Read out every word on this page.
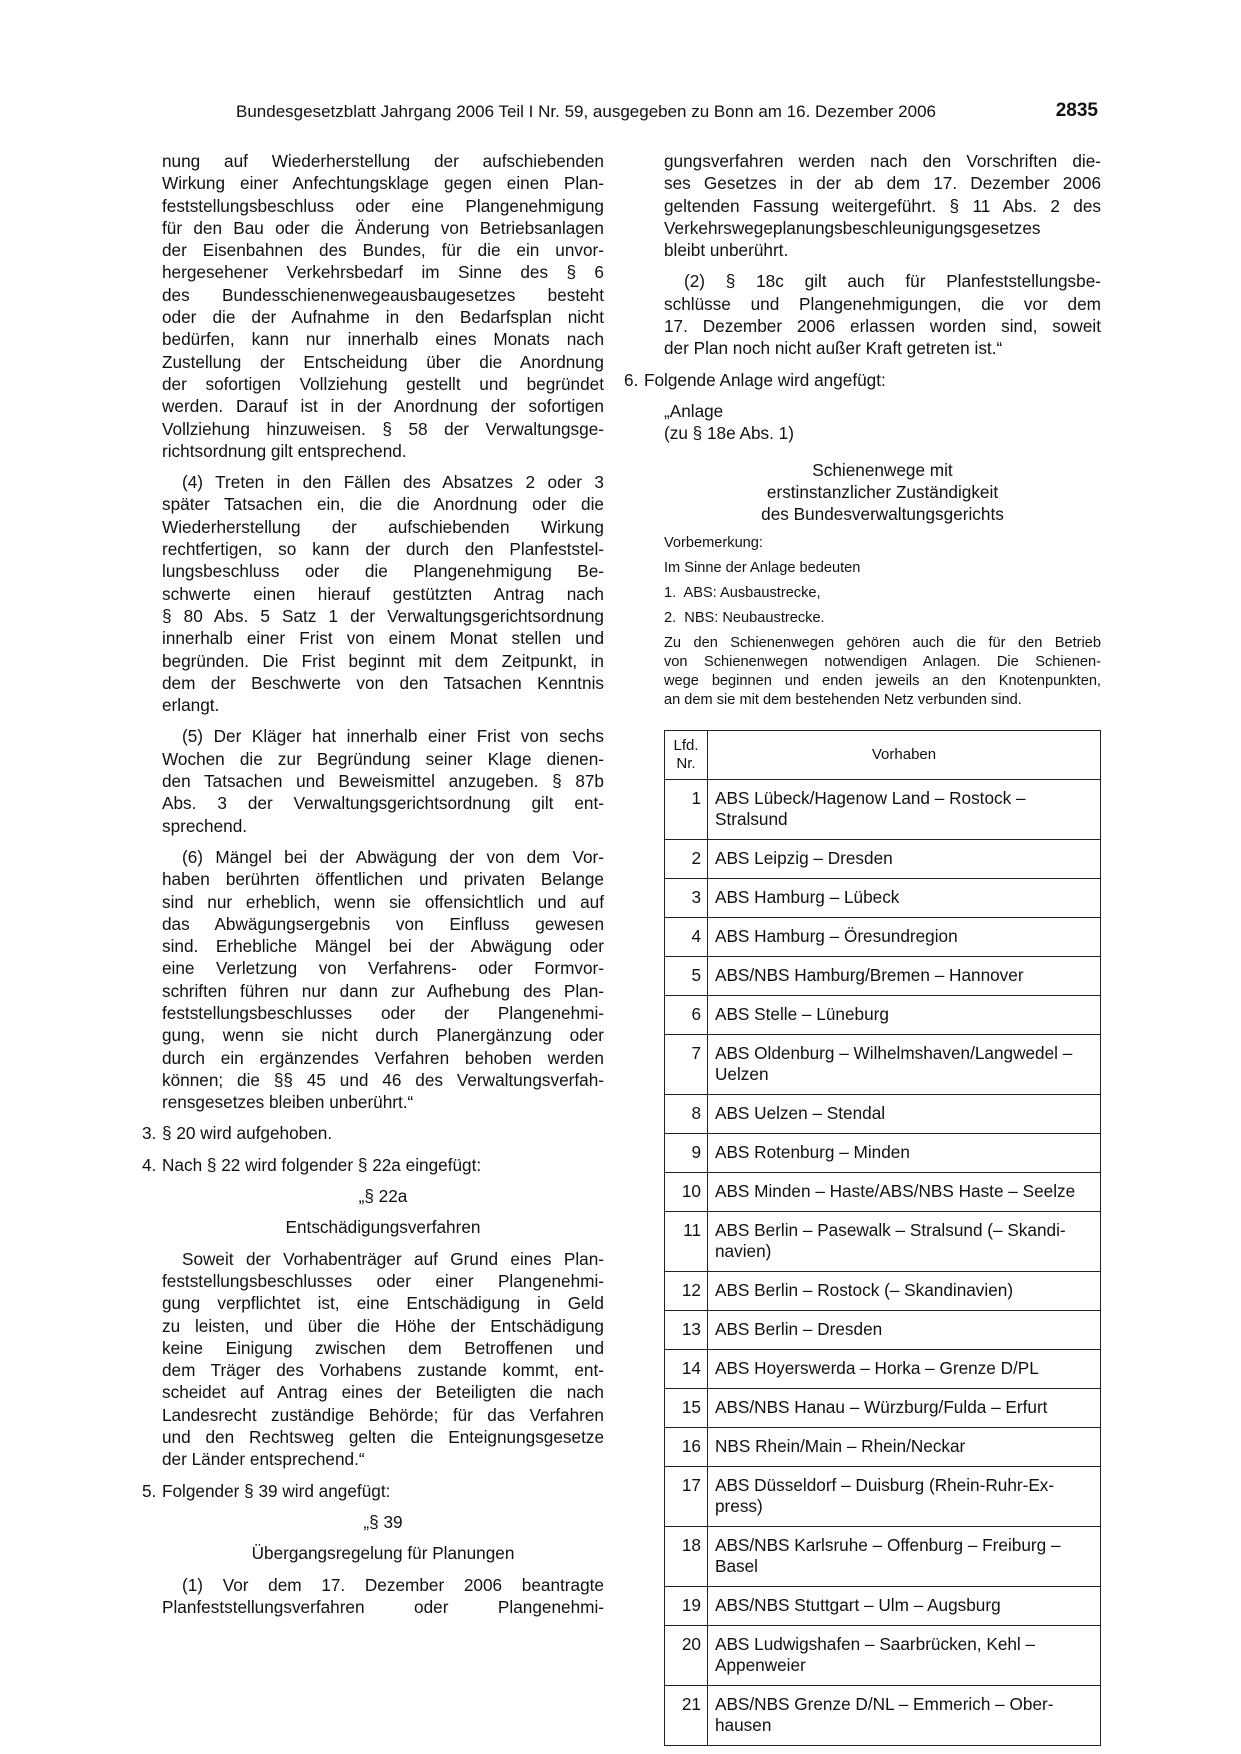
Bundesgesetzblatt Jahrgang 2006 Teil I Nr. 59, ausgegeben zu Bonn am 16. Dezember 2006	2835

nung auf Wiederherstellung der aufschiebenden
Wirkung einer Anfechtungsklage gegen einen Plan-
feststellungsbeschluss oder eine Plangenehmigung
für den Bau oder die Änderung von Betriebsanlagen
der Eisenbahnen des Bundes, für die ein unvor-
hergesehener Verkehrsbedarf im Sinne des § 6
des Bundesschienenwegeausbaugesetzes besteht
oder die der Aufnahme in den Bedarfsplan nicht
bedürfen, kann nur innerhalb eines Monats nach
Zustellung der Entscheidung über die Anordnung
der sofortigen Vollziehung gestellt und begründet
werden. Darauf ist in der Anordnung der sofortigen
Vollziehung hinzuweisen. § 58 der Verwaltungsge-
richtsordnung gilt entsprechend.

(4) Treten in den Fällen des Absatzes 2 oder 3
später Tatsachen ein, die die Anordnung oder die
Wiederherstellung der aufschiebenden Wirkung
rechtfertigen, so kann der durch den Planfeststel-
lungsbeschluss oder die Plangenehmigung Be-
schwerte einen hierauf gestützten Antrag nach
§ 80 Abs. 5 Satz 1 der Verwaltungsgerichtsordnung
innerhalb einer Frist von einem Monat stellen und
begründen. Die Frist beginnt mit dem Zeitpunkt, in
dem der Beschwerte von den Tatsachen Kenntnis
erlangt.

(5) Der Kläger hat innerhalb einer Frist von sechs
Wochen die zur Begründung seiner Klage dienen-
den Tatsachen und Beweismittel anzugeben. § 87b
Abs. 3 der Verwaltungsgerichtsordnung gilt ent-
sprechend.

(6) Mängel bei der Abwägung der von dem Vor-
haben berührten öffentlichen und privaten Belange
sind nur erheblich, wenn sie offensichtlich und auf
das Abwägungsergebnis von Einfluss gewesen
sind. Erhebliche Mängel bei der Abwägung oder
eine Verletzung von Verfahrens- oder Formvor-
schriften führen nur dann zur Aufhebung des Plan-
feststellungsbeschlusses oder der Plangenehmi-
gung, wenn sie nicht durch Planergänzung oder
durch ein ergänzendes Verfahren behoben werden
können; die §§ 45 und 46 des Verwaltungsverfah-
rensgesetzes bleiben unberührt.“

3. § 20 wird aufgehoben.
4. Nach § 22 wird folgender § 22a eingefügt:

„§ 22a

Entschädigungsverfahren

Soweit der Vorhabenträger auf Grund eines Plan-
feststellungsbeschlusses oder einer Plangenehmi-
gung verpflichtet ist, eine Entschädigung in Geld
zu leisten, und über die Höhe der Entschädigung
keine Einigung zwischen dem Betroffenen und
dem Träger des Vorhabens zustande kommt, ent-
scheidet auf Antrag eines der Beteiligten die nach
Landesrecht zuständige Behörde; für das Verfahren
und den Rechtsweg gelten die Enteignungsgesetze
der Länder entsprechend.“

5. Folgender § 39 wird angefügt:

„§ 39

Übergangsregelung für Planungen

(1) Vor dem 17. Dezember 2006 beantragte
Planfeststellungsverfahren oder Plangenehmi-

gungsverfahren werden nach den Vorschriften die-
ses Gesetzes in der ab dem 17. Dezember 2006
geltenden Fassung weitergeführt. § 11 Abs. 2 des
Verkehrswegeplanungsbeschleunigungsgesetzes
bleibt unberührt.

(2) § 18c gilt auch für Planfeststellungsbe-
schlüsse und Plangenehmigungen, die vor dem
17. Dezember 2006 erlassen worden sind, soweit
der Plan noch nicht außer Kraft getreten ist.“

6. Folgende Anlage wird angefügt:
„Anlage
(zu § 18e Abs. 1)

Schienenwege mit
erstinstanzlicher Zuständigkeit
des Bundesverwaltungsgerichts

Vorbemerkung:

Im Sinne der Anlage bedeuten

1.  ABS: Ausbaustrecke,

2.  NBS: Neubaustrecke.

Zu den Schienenwegen gehören auch die für den Betrieb
von Schienenwegen notwendigen Anlagen. Die Schienen-
wege beginnen und enden jeweils an den Knotenpunkten,
an dem sie mit dem bestehenden Netz verbunden sind.

Lfd.
Nr.	Vorhaben
1	ABS Lübeck/Hagenow Land – Rostock –
Stralsund

2	ABS Leipzig – Dresden

3	ABS Hamburg – Lübeck

4	ABS Hamburg – Öresundregion

5	ABS/NBS Hamburg/Bremen – Hannover

6	ABS Stelle – Lüneburg

7	ABS Oldenburg – Wilhelmshaven/Langwedel –
Uelzen

8	ABS Uelzen – Stendal

9	ABS Rotenburg – Minden

10	ABS Minden – Haste/ABS/NBS Haste – Seelze

11	ABS Berlin – Pasewalk – Stralsund (– Skandi-
navien)

12	ABS Berlin – Rostock (– Skandinavien)

13	ABS Berlin – Dresden

14	ABS Hoyerswerda – Horka – Grenze D/PL

15	ABS/NBS Hanau – Würzburg/Fulda – Erfurt

16	NBS Rhein/Main – Rhein/Neckar

17	ABS Düsseldorf – Duisburg (Rhein-Ruhr-Ex-
press)

18	ABS/NBS Karlsruhe – Offenburg – Freiburg –
Basel

19	ABS/NBS Stuttgart – Ulm – Augsburg

20	ABS Ludwigshafen – Saarbrücken, Kehl –
Appenweier

21	ABS/NBS Grenze D/NL – Emmerich – Ober-
hausen
